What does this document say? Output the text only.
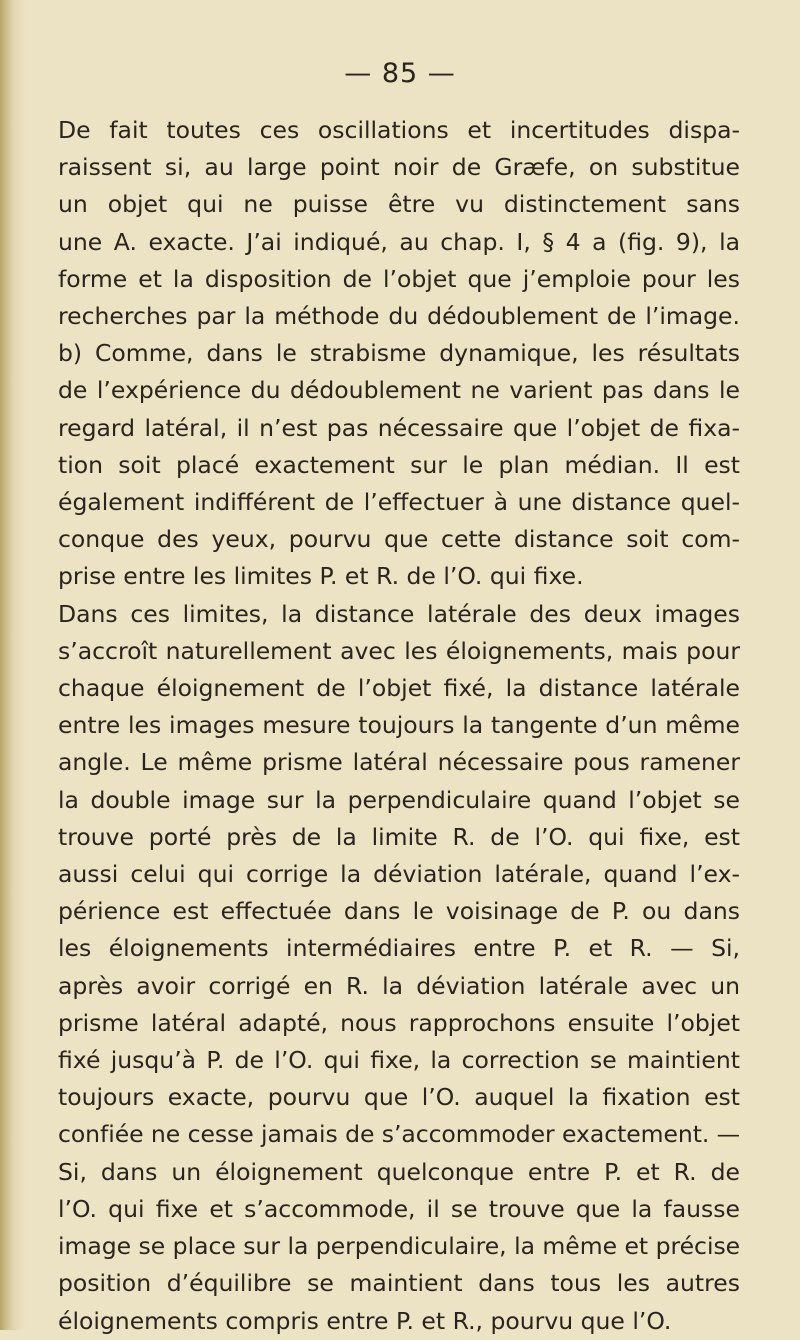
— 85 —
De fait toutes ces oscillations et incertitudes dispa-
raissent si, au large point noir de Græfe, on substitue
un objet qui ne puisse être vu distinctement sans
une A. exacte. J’ai indiqué, au chap. I, § 4 a (fig. 9), la
forme et la disposition de l’objet que j’emploie pour les
recherches par la méthode du dédoublement de l’image.
b) Comme, dans le strabisme dynamique, les résultats
de l’expérience du dédoublement ne varient pas dans le
regard latéral, il n’est pas nécessaire que l’objet de fixa-
tion soit placé exactement sur le plan médian. Il est
également indifférent de l’effectuer à une distance quel-
conque des yeux, pourvu que cette distance soit com-
prise entre les limites P. et R. de l’O. qui fixe.
Dans ces limites, la distance latérale des deux images
s’accroît naturellement avec les éloignements, mais pour
chaque éloignement de l’objet fixé, la distance latérale
entre les images mesure toujours la tangente d’un même
angle. Le même prisme latéral nécessaire pous ramener
la double image sur la perpendiculaire quand l’objet se
trouve porté près de la limite R. de l’O. qui fixe, est
aussi celui qui corrige la déviation latérale, quand l’ex-
périence est effectuée dans le voisinage de P. ou dans
les éloignements intermédiaires entre P. et R. — Si,
après avoir corrigé en R. la déviation latérale avec un
prisme latéral adapté, nous rapprochons ensuite l’objet
fixé jusqu’à P. de l’O. qui fixe, la correction se maintient
toujours exacte, pourvu que l’O. auquel la fixation est
confiée ne cesse jamais de s’accommoder exactement. —
Si, dans un éloignement quelconque entre P. et R. de
l’O. qui fixe et s’accommode, il se trouve que la fausse
image se place sur la perpendiculaire, la même et précise
position d’équilibre se maintient dans tous les autres
éloignements compris entre P. et R., pourvu que l’O.
